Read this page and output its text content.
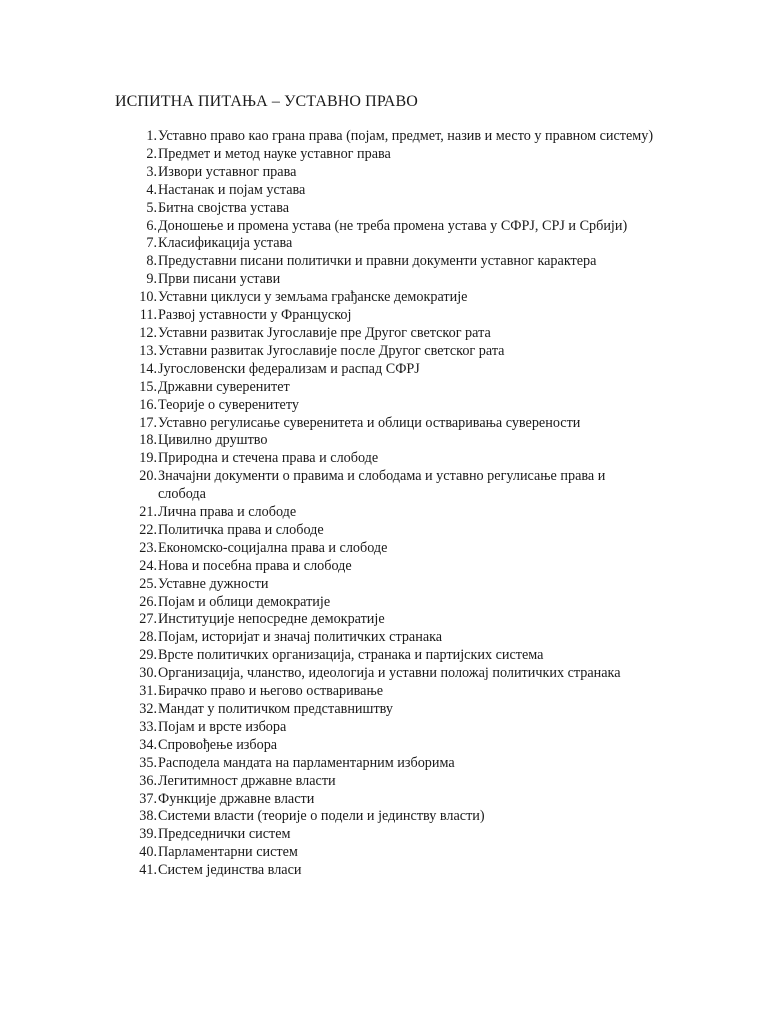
ИСПИТНА ПИТАЊА – УСТАВНО ПРАВО
1. Уставно право као грана права (појам, предмет, назив и место у правном систему)
2. Предмет и метод науке уставног права
3. Извори уставног права
4. Настанак и појам устава
5. Битна својства устава
6. Доношење и промена устава (не треба промена устава у СФРЈ, СРЈ и Србији)
7. Класификација устава
8. Предуставни писани политички и правни документи уставног карактера
9. Први писани устави
10. Уставни циклуси у земљама грађанске демократије
11. Развој уставности у Француској
12. Уставни развитак Југославије пре Другог светског рата
13. Уставни развитак Југославије после Другог светског рата
14. Југословенски федерализам и распад СФРЈ
15. Државни суверенитет
16. Теорије о суверенитету
17. Уставно регулисање суверенитета и облици остваривања суверености
18. Цивилно друштво
19. Природна и стечена права и слободе
20. Значајни документи о правима и слободама и уставно регулисање права и слобода
21. Лична права и слободе
22. Политичка права и слободе
23. Економско-социјална права и слободе
24. Нова и посебна права и слободе
25. Уставне дужности
26. Појам и облици демократије
27. Институције непосредне демократије
28. Појам, историјат и значај политичких странака
29. Врсте политичких организација, странака и партијских система
30. Организација, чланство, идеологија и уставни положај политичких странака
31. Бирачко право и његово остваривање
32. Мандат у политичком представништву
33. Појам и врсте избора
34. Спровођење избора
35. Расподела мандата на парламентарним изборима
36. Легитимност државне власти
37. Функције државне власти
38. Системи власти (теорије о подели и јединству власти)
39. Председнички систем
40. Парламентарни систем
41. Систем јединства власи
